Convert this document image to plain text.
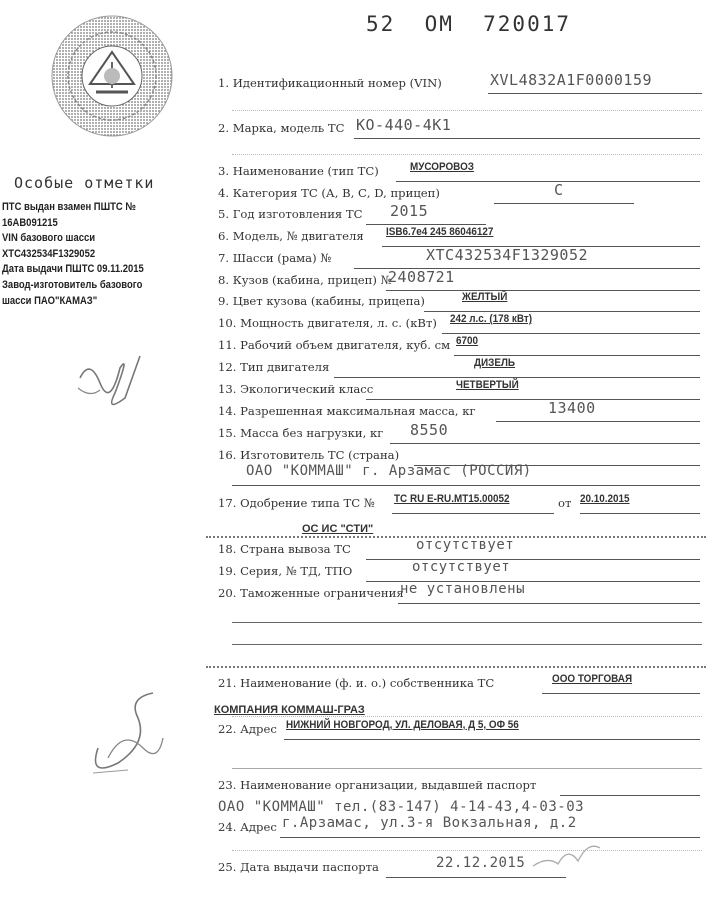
52  ОМ  720017
Особые отметки
ПТС выдан взамен ПШТС №
16АВ091215
VIN базового шасси
ХТС432534F1329052
Дата выдачи ПШТС 09.11.2015
Завод-изготовитель базового
шасси ПАО"КАМАЗ"
1. Идентификационный номер (VIN)	XVL4832A1F0000159
2. Марка, модель ТС КО-440-4К1
3. Наименование (тип ТС)	МУСОРОВОЗ
4. Категория ТС (А, В, С, D, прицеп)	С
5. Год изготовления ТС 2015
6. Модель, № двигателя ISB6.7e4 245 86046127
7. Шасси (рама) №	XTC432534F1329052
8. Кузов (кабина, прицеп) №
2408721
9. Цвет кузова (кабины, прицепа)	ЖЕЛТЫЙ
10. Мощность двигателя, л. с. (кВт) 242 л.с. (178 кВт)
11. Рабочий объем двигателя, куб. см 6700
12. Тип двигателя	ДИЗЕЛЬ
13. Экологический класс	ЧЕТВЕРТЫЙ
14. Разрешенная максимальная масса, кг	13400
15. Масса без нагрузки, кг 8550
16. Изготовитель ТС (страна)
ОАО "КОММАШ" г. Арзамас (РОССИЯ)
17. Одобрение типа ТС № ТС RU E-RU.МТ15.00052	от 20.10.2015
ОС ИС "СТИ"
18. Страна вывоза ТС	отсутствует
19. Серия, № ТД, ТПО	отсутствует
20. Таможенные ограничения
не установлены
21. Наименование (ф. и. о.) собственника ТС	ООО ТОРГОВАЯ
КОМПАНИЯ КОММАШ-ГРАЗ
22. Адрес НИЖНИЙ НОВГОРОД, УЛ. ДЕЛОВАЯ, Д 5, ОФ 56
23. Наименование организации, выдавшей паспорт
ОАО "КОММАШ" тел.(83-147) 4-14-43,4-03-03
24. Адрес г.Арзамас, ул.3-я Вокзальная, д.2
25. Дата выдачи паспорта	22.12.2015
